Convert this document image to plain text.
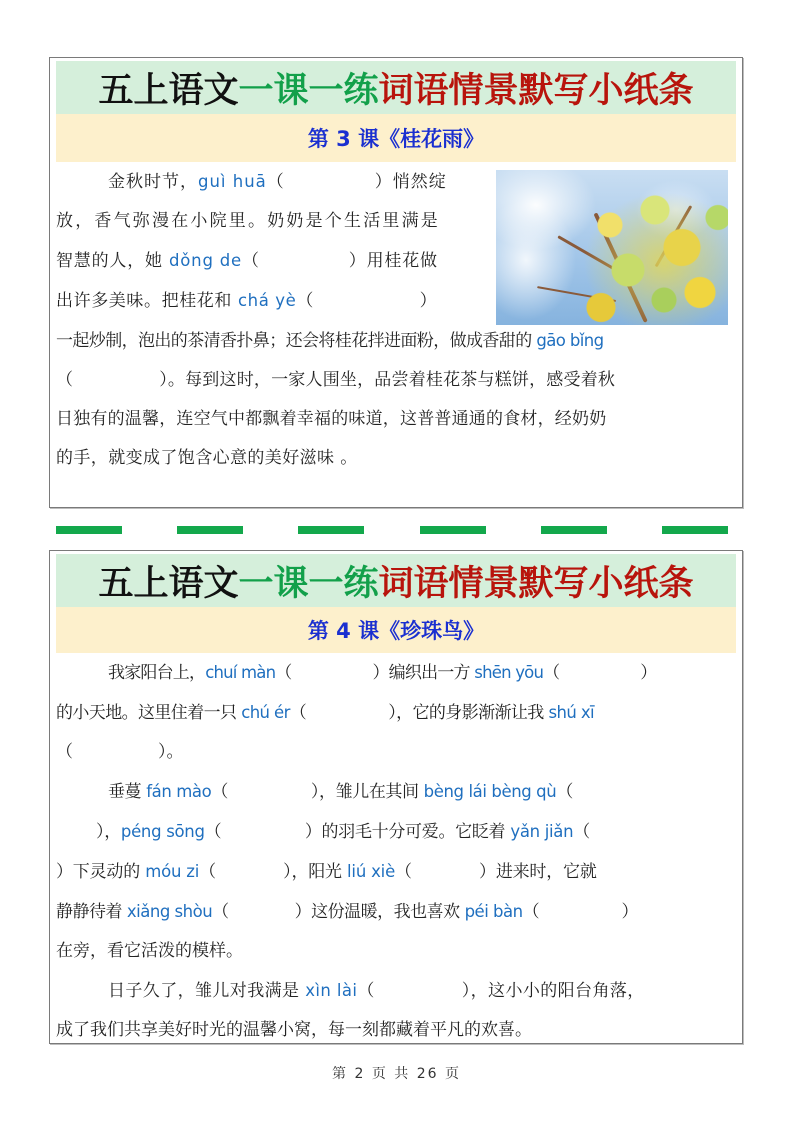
五上语文 一课一练 词语情景默写小纸条
第 3 课《桂花雨》
金秋时节，guì huā（　　　　　）悄然绽
放，香气弥漫在小院里。奶奶是个生活里满是
智慧的人，她 dǒng de（　　　　　）用桂花做
出许多美味。把桂花和 chá yè（　　　　　　）
一起炒制，泡出的茶清香扑鼻；还会将桂花拌进面粉，做成香甜的 gāo bǐng
（　　　　　）。每到这时，一家人围坐，品尝着桂花茶与糕饼，感受着秋
日独有的温馨，连空气中都飘着幸福的味道，这普普通通的食材，经奶奶
的手，就变成了饱含心意的美好滋味 。
五上语文 一课一练 词语情景默写小纸条
第 4 课《珍珠鸟》
我家阳台上，chuí màn（　　　　　）编织出一方 shēn yōu（　　　　　）
的小天地。这里住着一只 chú ér（　　　　　），它的身影渐渐让我 shú xī
（　　　　　）。
垂蔓 fán mào（　　　　　），雏儿在其间 bèng lái bèng qù（
），péng sōng（　　　　　）的羽毛十分可爱。它眨着 yǎn jiǎn（
）下灵动的 móu zi（　　　　），阳光 liú xiè（　　　　）进来时，它就
静静待着 xiǎng shòu（　　　　）这份温暖，我也喜欢 péi bàn（　　　　　）
在旁，看它活泼的模样。
日子久了，雏儿对我满是 xìn lài（　　　　　），这小小的阳台角落，
成了我们共享美好时光的温馨小窝，每一刻都藏着平凡的欢喜。
第 2 页 共 26 页
